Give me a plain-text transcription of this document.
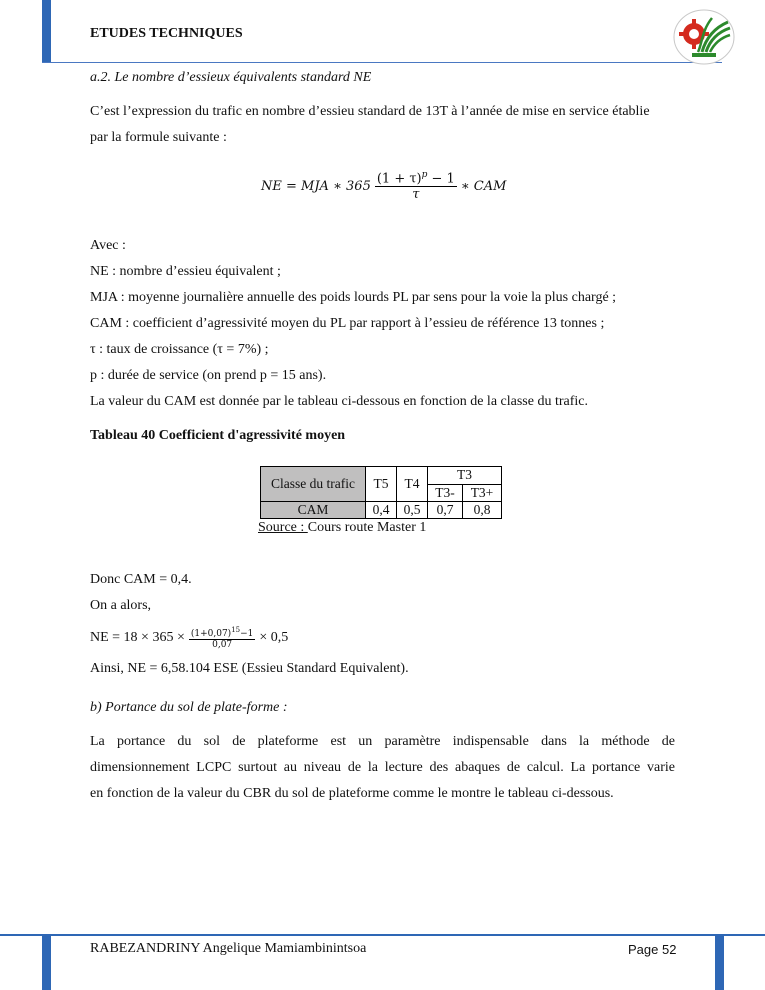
ETUDES TECHNIQUES
a.2. Le nombre d’essieux équivalents standard NE
C’est l’expression du trafic en nombre d’essieu standard de 13T à l’année de mise en service établie
par la formule suivante :
NE = MJA ∗ $365 \frac{(1 + \tau)^p - 1}{\tau}$ ∗ CAM
Avec :
NE : nombre d’essieu équivalent ;
MJA : moyenne journalière annuelle des poids lourds PL par sens pour la voie la plus chargé ;
CAM : coefficient d’agressivité moyen du PL par rapport à l’essieu de référence 13 tonnes ;
τ : taux de croissance (τ = 7%) ;
p : durée de service (on prend p = 15 ans).
La valeur du CAM est donnée par le tableau ci-dessous en fonction de la classe du trafic.
Tableau 40 Coefficient d'agressivité moyen
Classe du trafic	T5	T4	T3	
			T3-	T3+
CAM	0,4	0,5	0,7	0,8
Source : Cours route Master 1
Donc CAM = 0,4.
On a alors,
NE = $18 \times 365 \times \frac{(1+0,07)^{15}-1}{0,07} \times 0,5$
Ainsi, NE = 6,58.104 ESE (Essieu Standard Equivalent).
b) Portance du sol de plate-forme :
La portance du sol de plateforme est un paramètre indispensable dans la méthode de
dimensionnement LCPC surtout au niveau de la lecture des abaques de calcul. La portance varie
en fonction de la valeur du CBR du sol de plateforme comme le montre le tableau ci-dessous.
RABEZANDRINY Angelique Mamiambinintsoa	Page 52
